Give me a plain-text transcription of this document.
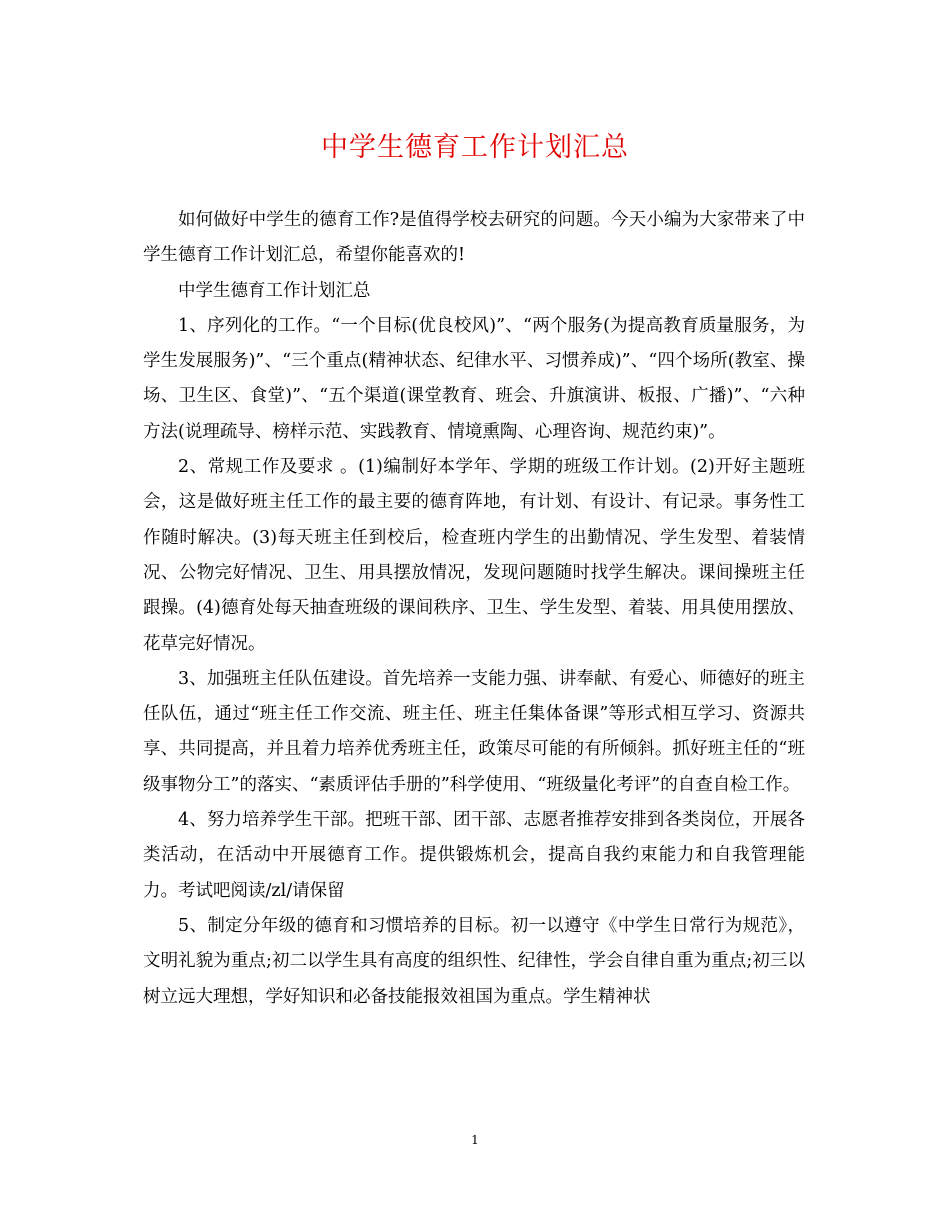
中学生德育工作计划汇总

如何做好中学生的德育工作?是值得学校去研究的问题。今天小编为大家带来了中学生德育工作计划汇总，希望你能喜欢的!

中学生德育工作计划汇总

1、序列化的工作。“一个目标(优良校风)”、“两个服务(为提高教育质量服务，为学生发展服务)”、“三个重点(精神状态、纪律水平、习惯养成)”、“四个场所(教室、操场、卫生区、食堂)”、“五个渠道(课堂教育、班会、升旗演讲、板报、广播)”、“六种方法(说理疏导、榜样示范、实践教育、情境熏陶、心理咨询、规范约束)”。

2、常规工作及要求 。(1)编制好本学年、学期的班级工作计划。(2)开好主题班会，这是做好班主任工作的最主要的德育阵地，有计划、有设计、有记录。事务性工作随时解决。(3)每天班主任到校后，检查班内学生的出勤情况、学生发型、着装情况、公物完好情况、卫生、用具摆放情况，发现问题随时找学生解决。课间操班主任跟操。(4)德育处每天抽查班级的课间秩序、卫生、学生发型、着装、用具使用摆放、花草完好情况。

3、加强班主任队伍建设。首先培养一支能力强、讲奉献、有爱心、师德好的班主任队伍，通过“班主任工作交流、班主任、班主任集体备课”等形式相互学习、资源共享、共同提高，并且着力培养优秀班主任，政策尽可能的有所倾斜。抓好班主任的“班级事物分工”的落实、“素质评估手册的”科学使用、“班级量化考评”的自查自检工作。

4、努力培养学生干部。把班干部、团干部、志愿者推荐安排到各类岗位，开展各类活动，在活动中开展德育工作。提供锻炼机会，提高自我约束能力和自我管理能力。考试吧阅读/zl/请保留

5、制定分年级的德育和习惯培养的目标。初一以遵守《中学生日常行为规范》，文明礼貌为重点;初二以学生具有高度的组织性、纪律性，学会自律自重为重点;初三以树立远大理想，学好知识和必备技能报效祖国为重点。学生精神状

1
